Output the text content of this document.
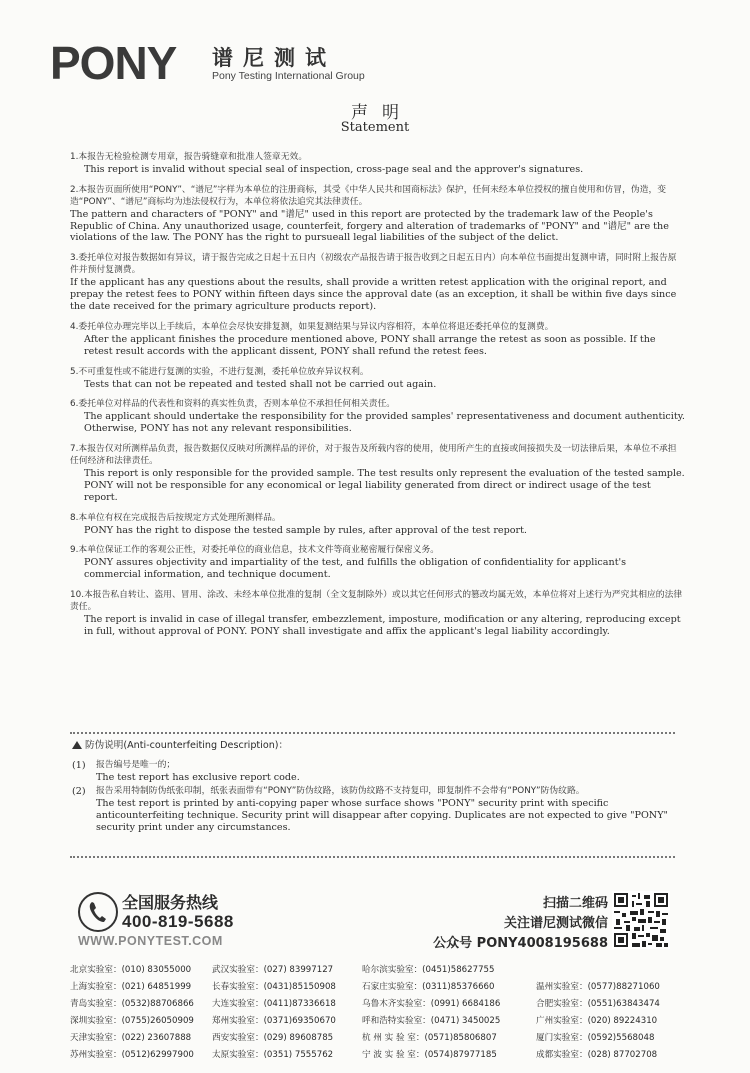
PONY 谱尼测试
Pony Testing International Group
声明
Statement
1.本报告无检验检测专用章，报告骑缝章和批准人签章无效。
This report is invalid without special seal of inspection, cross-page seal and the approver's signatures.
2.本报告页面所使用“PONY”、“谱尼”字样为本单位的注册商标，其受《中华人民共和国商标法》保护，任何未经本单位授权的擅自使用和仿冒，伪造，变造“PONY”、“谱尼”商标均为违法侵权行为，本单位将依法追究其法律责任。
The pattern and characters of "PONY" and "谱尼" used in this report are protected by the trademark law of the People's Republic of China. Any unauthorized usage, counterfeit, forgery and alteration of trademarks of "PONY" and "谱尼" are the violations of the law. The PONY has the right to pursueall legal liabilities of the subject of the delict.
3.委托单位对报告数据如有异议，请于报告完成之日起十五日内（初级农产品报告请于报告收到之日起五日内）向本单位书面提出复测申请，同时附上报告原件并预付复测费。
If the applicant has any questions about the results, shall provide a written retest application with the original report, and prepay the retest fees to PONY within fifteen days since the approval date (as an exception, it shall be within five days since the date received for the primary agriculture products report).
4.委托单位办理完毕以上手续后，本单位会尽快安排复测，如果复测结果与异议内容相符，本单位将退还委托单位的复测费。
After the applicant finishes the procedure mentioned above, PONY shall arrange the retest as soon as possible. If the retest result accords with the applicant dissent, PONY shall refund the retest fees.
5.不可重复性或不能进行复测的实验，不进行复测，委托单位放弃异议权利。
Tests that can not be repeated and tested shall not be carried out again.
6.委托单位对样品的代表性和资料的真实性负责，否则本单位不承担任何相关责任。
The applicant should undertake the responsibility for the provided samples' representativeness and document authenticity. Otherwise, PONY has not any relevant responsibilities.
7.本报告仅对所测样品负责，报告数据仅反映对所测样品的评价，对于报告及所载内容的使用，使用所产生的直接或间接损失及一切法律后果，本单位不承担任何经济和法律责任。
This report is only responsible for the provided sample. The test results only represent the evaluation of the tested sample. PONY will not be responsible for any economical or legal liability generated from direct or indirect usage of the test report.
8.本单位有权在完成报告后按规定方式处理所测样品。
PONY has the right to dispose the tested sample by rules, after approval of the test report.
9.本单位保证工作的客观公正性，对委托单位的商业信息，技术文件等商业秘密履行保密义务。
PONY assures objectivity and impartiality of the test, and fulfills the obligation of confidentiality for applicant's commercial information, and technique document.
10.本报告私自转让、盗用、冒用、涂改、未经本单位批准的复制（全文复制除外）或以其它任何形式的篡改均属无效，本单位将对上述行为严究其相应的法律责任。
The report is invalid in case of illegal transfer, embezzlement, imposture, modification or any altering, reproducing except in full, without approval of PONY. PONY shall investigate and affix the applicant's legal liability accordingly.
防伪说明(Anti-counterfeiting Description)：
(1)	报告编号是唯一的；
The test report has exclusive report code.
(2)	报告采用特制防伪纸张印制，纸张表面带有“PONY”防伪纹路，该防伪纹路不支持复印，即复制件不会带有“PONY”防伪纹路。
The test report is printed by anti-copying paper whose surface shows "PONY" security print with specific anticounterfeiting technique. Security print will disappear after copying. Duplicates are not expected to give "PONY" security print under any circumstances.
全国服务热线
400-819-5688
WWW.PONYTEST.COM
扫描二维码
关注谱尼测试微信
公众号 PONY4008195688
北京实验室：(010) 83055000 武汉实验室：(027) 83997127	哈尔滨实验室：(0451)58627755
上海实验室：(021) 64851999 长春实验室：(0431)85150908	石家庄实验室：(0311)85376660	温州实验室：(0577)88271060
青岛实验室：(0532)88706866 大连实验室：(0411)87336618	乌鲁木齐实验室：(0991) 6684186	合肥实验室：(0551)63843474
深圳实验室：(0755)26050909 郑州实验室：(0371)69350670	呼和浩特实验室：(0471) 3450025	广州实验室：(020) 89224310
天津实验室：(022) 23607888 西安实验室：(029) 89608785	杭 州 实 验 室：(0571)85806807	厦门实验室：(0592)5568048
苏州实验室：(0512)62997900 太原实验室：(0351) 7555762	宁 波 实 验 室：(0574)87977185	成都实验室：(028) 87702708
